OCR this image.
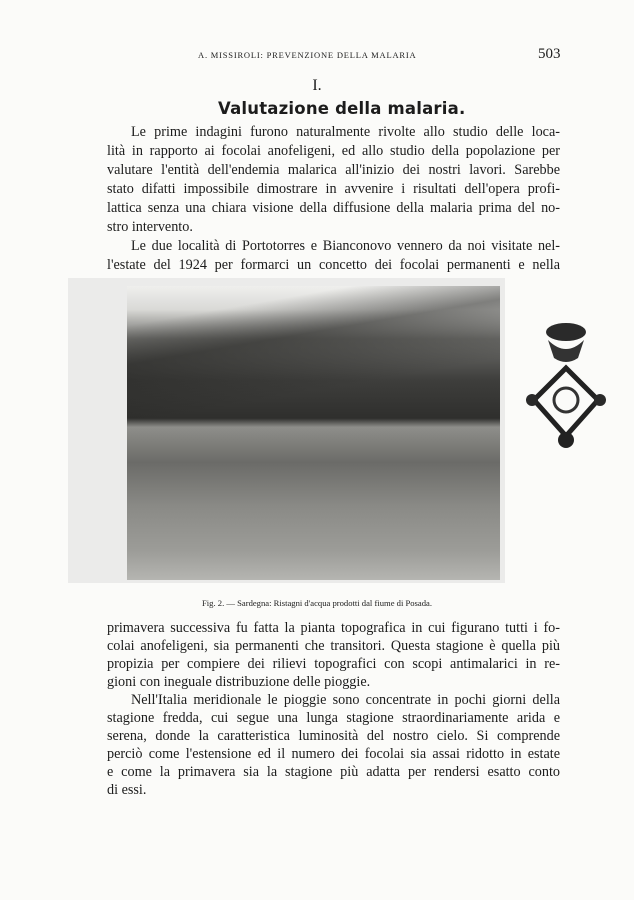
A. MISSIROLI: PREVENZIONE DELLA MALARIA	503
I.
Valutazione della malaria.
Le prime indagini furono naturalmente rivolte allo studio delle loca-
lità in rapporto ai focolai anofeligeni, ed allo studio della popolazione per
valutare l'entità dell'endemia malarica all'inizio dei nostri lavori. Sarebbe
stato difatti impossibile dimostrare in avvenire i risultati dell'opera profi-
lattica senza una chiara visione della diffusione della malaria prima del no-
stro intervento.
Le due località di Portotorres e Bianconovo vennero da noi visitate nel-
l'estate del 1924 per formarci un concetto dei focolai permanenti e nella
Fig. 2. — Sardegna: Ristagni d'acqua prodotti dal fiume di Posada.
primavera successiva fu fatta la pianta topografica in cui figurano tutti i fo-
colai anofeligeni, sia permanenti che transitori. Questa stagione è quella più
propizia per compiere dei rilievi topografici con scopi antimalarici in re-
gioni con ineguale distribuzione delle pioggie.
Nell'Italia meridionale le pioggie sono concentrate in pochi giorni della
stagione fredda, cui segue una lunga stagione straordinariamente arida e
serena, donde la caratteristica luminosità del nostro cielo. Si comprende
perciò come l'estensione ed il numero dei focolai sia assai ridotto in estate
e come la primavera sia la stagione più adatta per rendersi esatto conto
di essi.
